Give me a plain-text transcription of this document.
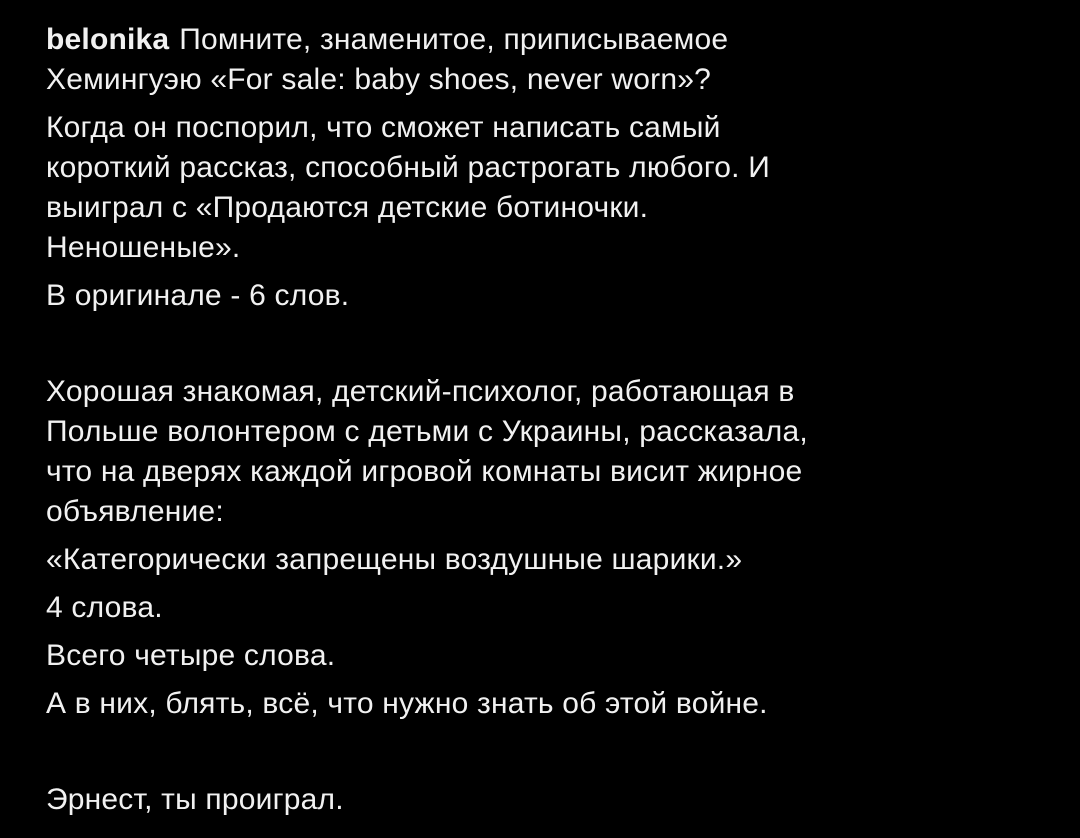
belonika Помните, знаменитое, приписываемое
Хемингуэю «For sale: baby shoes, never worn»?
Когда он поспорил, что сможет написать самый
короткий рассказ, способный растрогать любого. И
выиграл с «Продаются детские ботиночки.
Неношеные».
В оригинале - 6 слов.
Хорошая знакомая, детский-психолог, работающая в
Польше волонтером с детьми с Украины, рассказала,
что на дверях каждой игровой комнаты висит жирное
объявление:
«Категорически запрещены воздушные шарики.»
4 слова.
Всего четыре слова.
А в них, блять, всё, что нужно знать об этой войне.
Эрнест, ты проиграл.
